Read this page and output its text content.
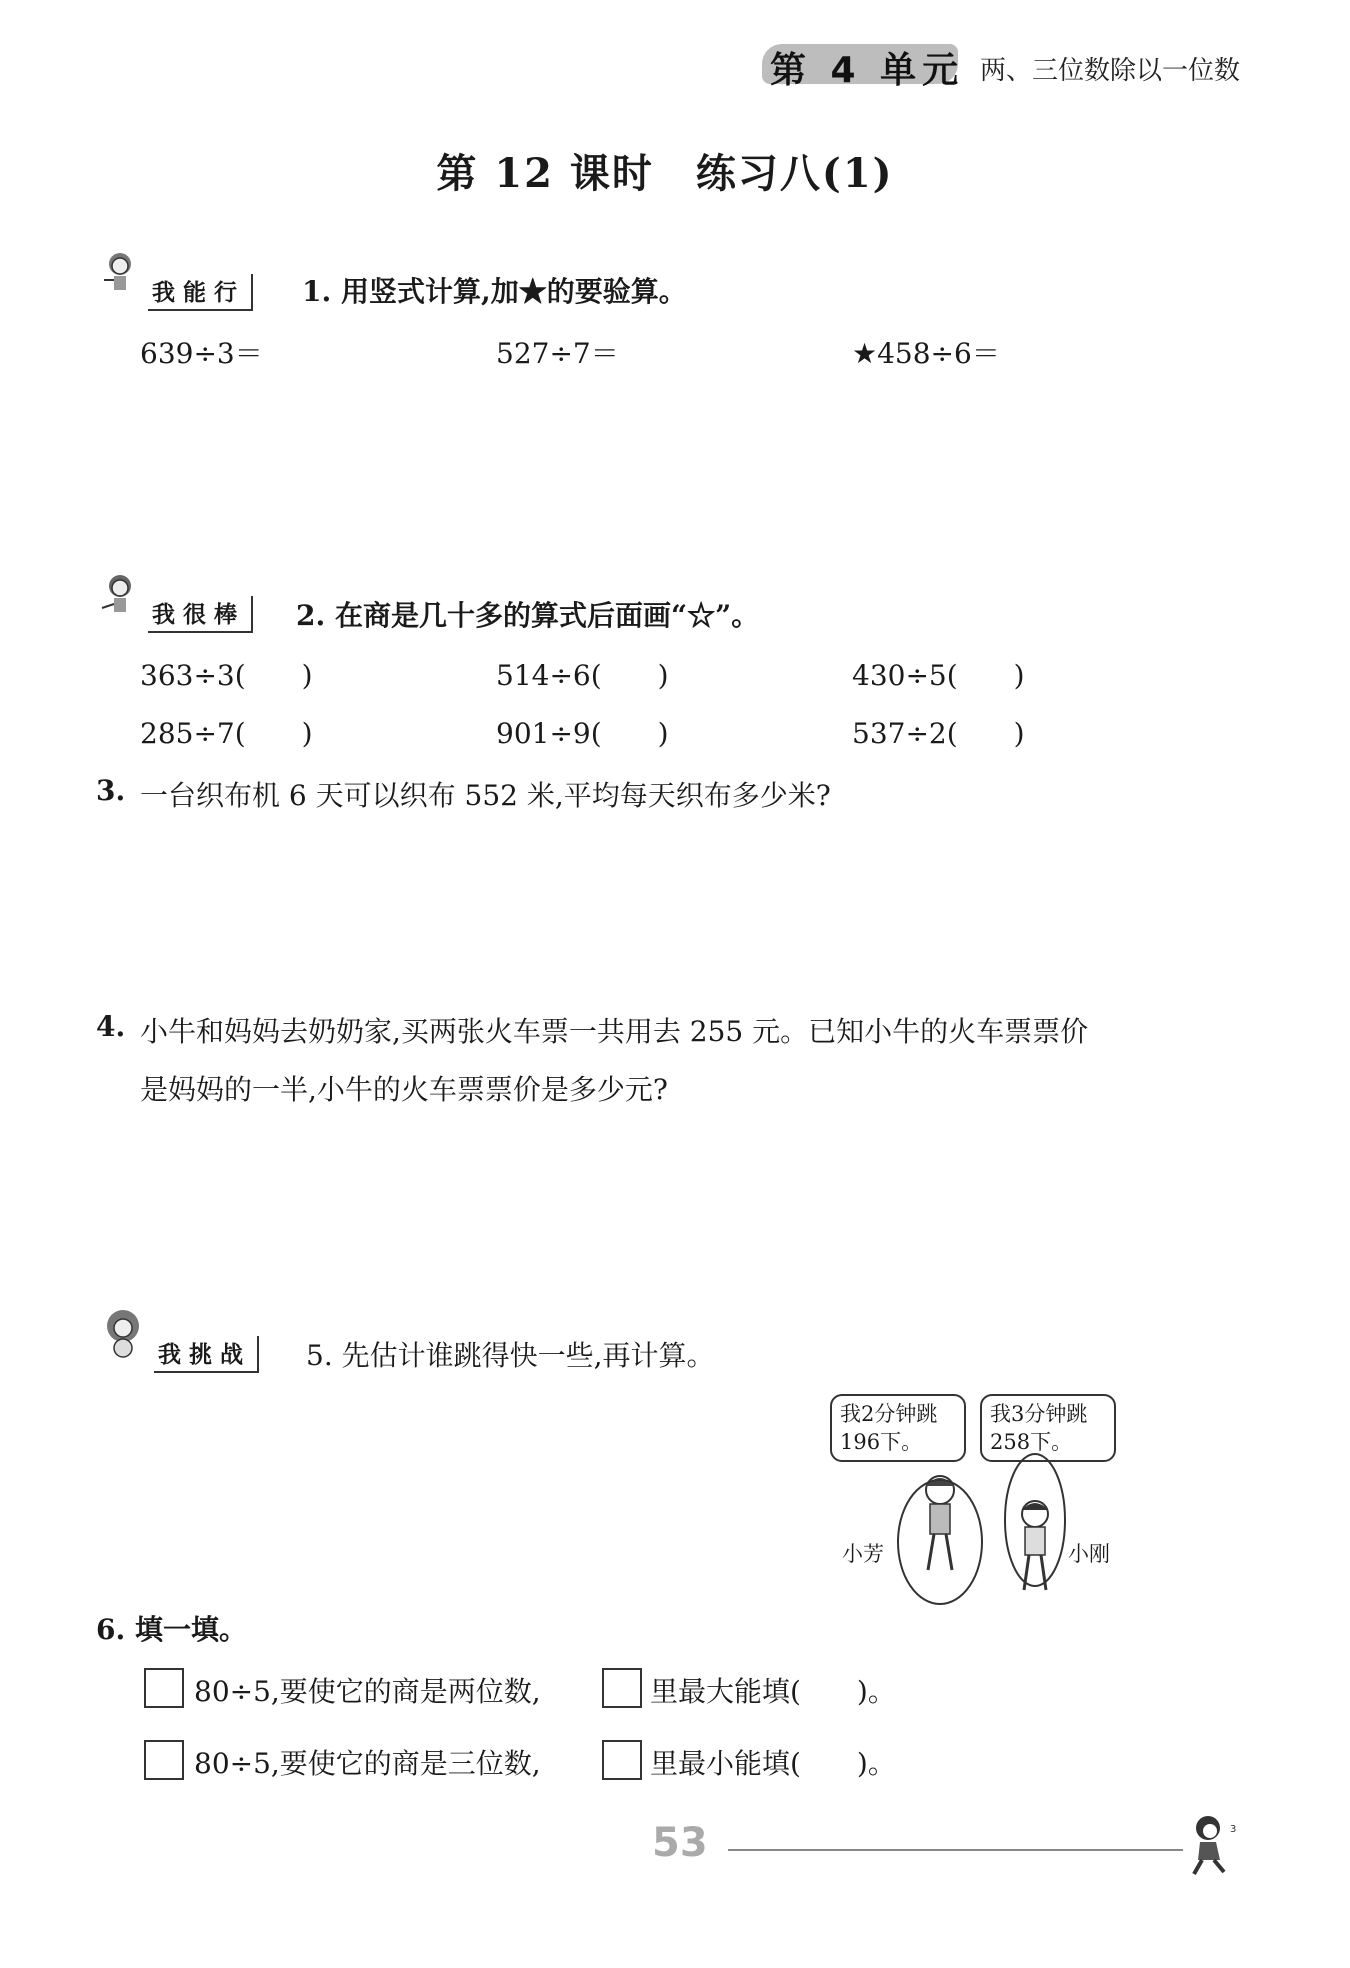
第 4 单元 两、三位数除以一位数
第 12 课时　练习八(1)
我能行 1. 用竖式计算,加★的要验算。
639÷3＝	527÷7＝	★458÷6＝
我很棒 2. 在商是几十多的算式后面画“☆”。
363÷3(　　)	514÷6(　　)	430÷5(　　)
285÷7(　　)	901÷9(　　)	537÷2(　　)
3. 一台织布机 6 天可以织布 552 米,平均每天织布多少米?
4. 小牛和妈妈去奶奶家,买两张火车票一共用去 255 元。已知小牛的火车票票价
是妈妈的一半,小牛的火车票票价是多少元?
我挑战 5. 先估计谁跳得快一些,再计算。
我2分钟跳
196下。
我3分钟跳
258下。
小芳	小刚
6. 填一填。
80÷5,要使它的商是两位数,	里最大能填(　　)。
80÷5,要使它的商是三位数,	里最小能填(　　)。
53	3
